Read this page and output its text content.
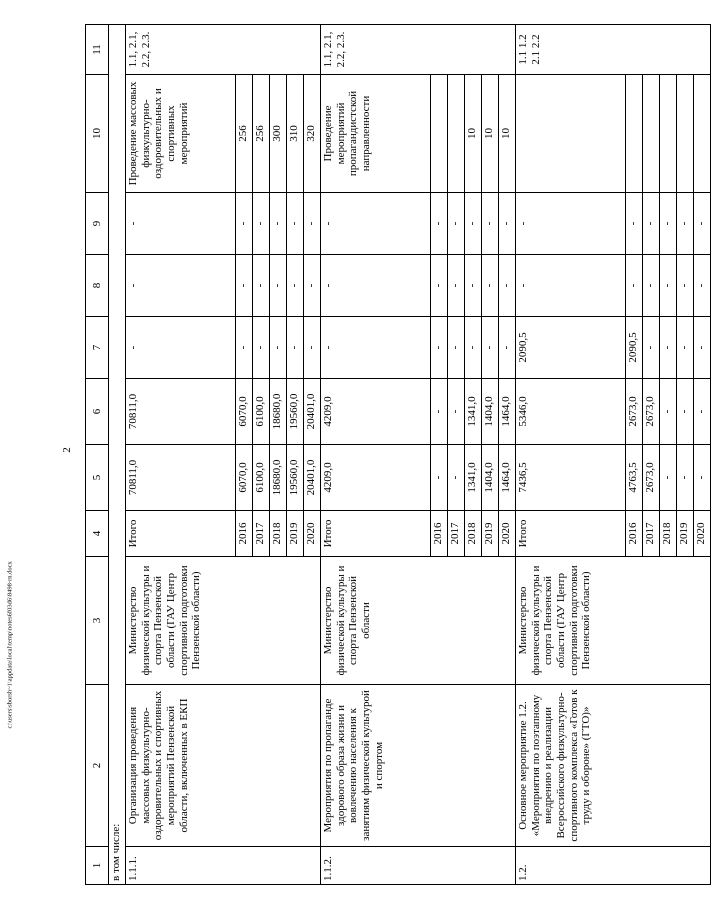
2
c:\users\sborsh~1\appdata\local\temp\notes6f03d6\8498-rn.docx
1	2	3	4	5	6	7	8	9	10	11
в том числе:										
1.1.1.	Организация проведения массовых физкультурно-оздоровительных и спортивных мероприятий Пензенской области, включенных в ЕКП	Министерство физической культуры и спорта Пензенской области (ГАУ Центр спортивной подготовки Пензенской области)	Итого	70811,0	70811,0	-	-	-	Проведение массовых физкультурно-оздоровительных и спортивных мероприятий	1.1, 2.1, 2.2, 2.3.
			2016	6070,0	6070,0	-	-	-	256	
			2017	6100,0	6100,0	-	-	-	256	
			2018	18680,0	18680,0	-	-	-	300	
			2019	19560,0	19560,0	-	-	-	310	
			2020	20401,0	20401,0	-	-	-	320	
1.1.2.	Мероприятия по пропаганде здорового образа жизни и вовлечению населения к занятиям физической культурой и спортом	Министерство физической культуры и спорта Пензенской области	Итого	4209,0	4209,0	-	-	-	Проведение мероприятий пропагандистской направленности	1.1, 2.1, 2.2, 2.3.
			2016	-	-	-	-	-		
			2017	-	-	-	-	-		
			2018	1341,0	1341,0	-	-	-	10	
			2019	1404,0	1404,0	-	-	-	10	
			2020	1464,0	1464,0	-	-	-	10	
1.2.	Основное мероприятие 1.2. «Мероприятия по поэтапному внедрению и реализации Всероссийского физкультурно-спортивного комплекса «Готов к труду и обороне» (ГТО)»	Министерство физической культуры и спорта Пензенской области (ГАУ Центр спортивной подготовки Пензенской области)	Итого	7436,5	5346,0	2090,5	-	-		1.1 1.2 2.1 2.2
			2016	4763,5	2673,0	2090,5	-	-		
			2017	2673,0	2673,0	-	-	-		
			2018	-	-	-	-	-		
			2019	-	-	-	-	-		
			2020	-	-	-	-	-		
